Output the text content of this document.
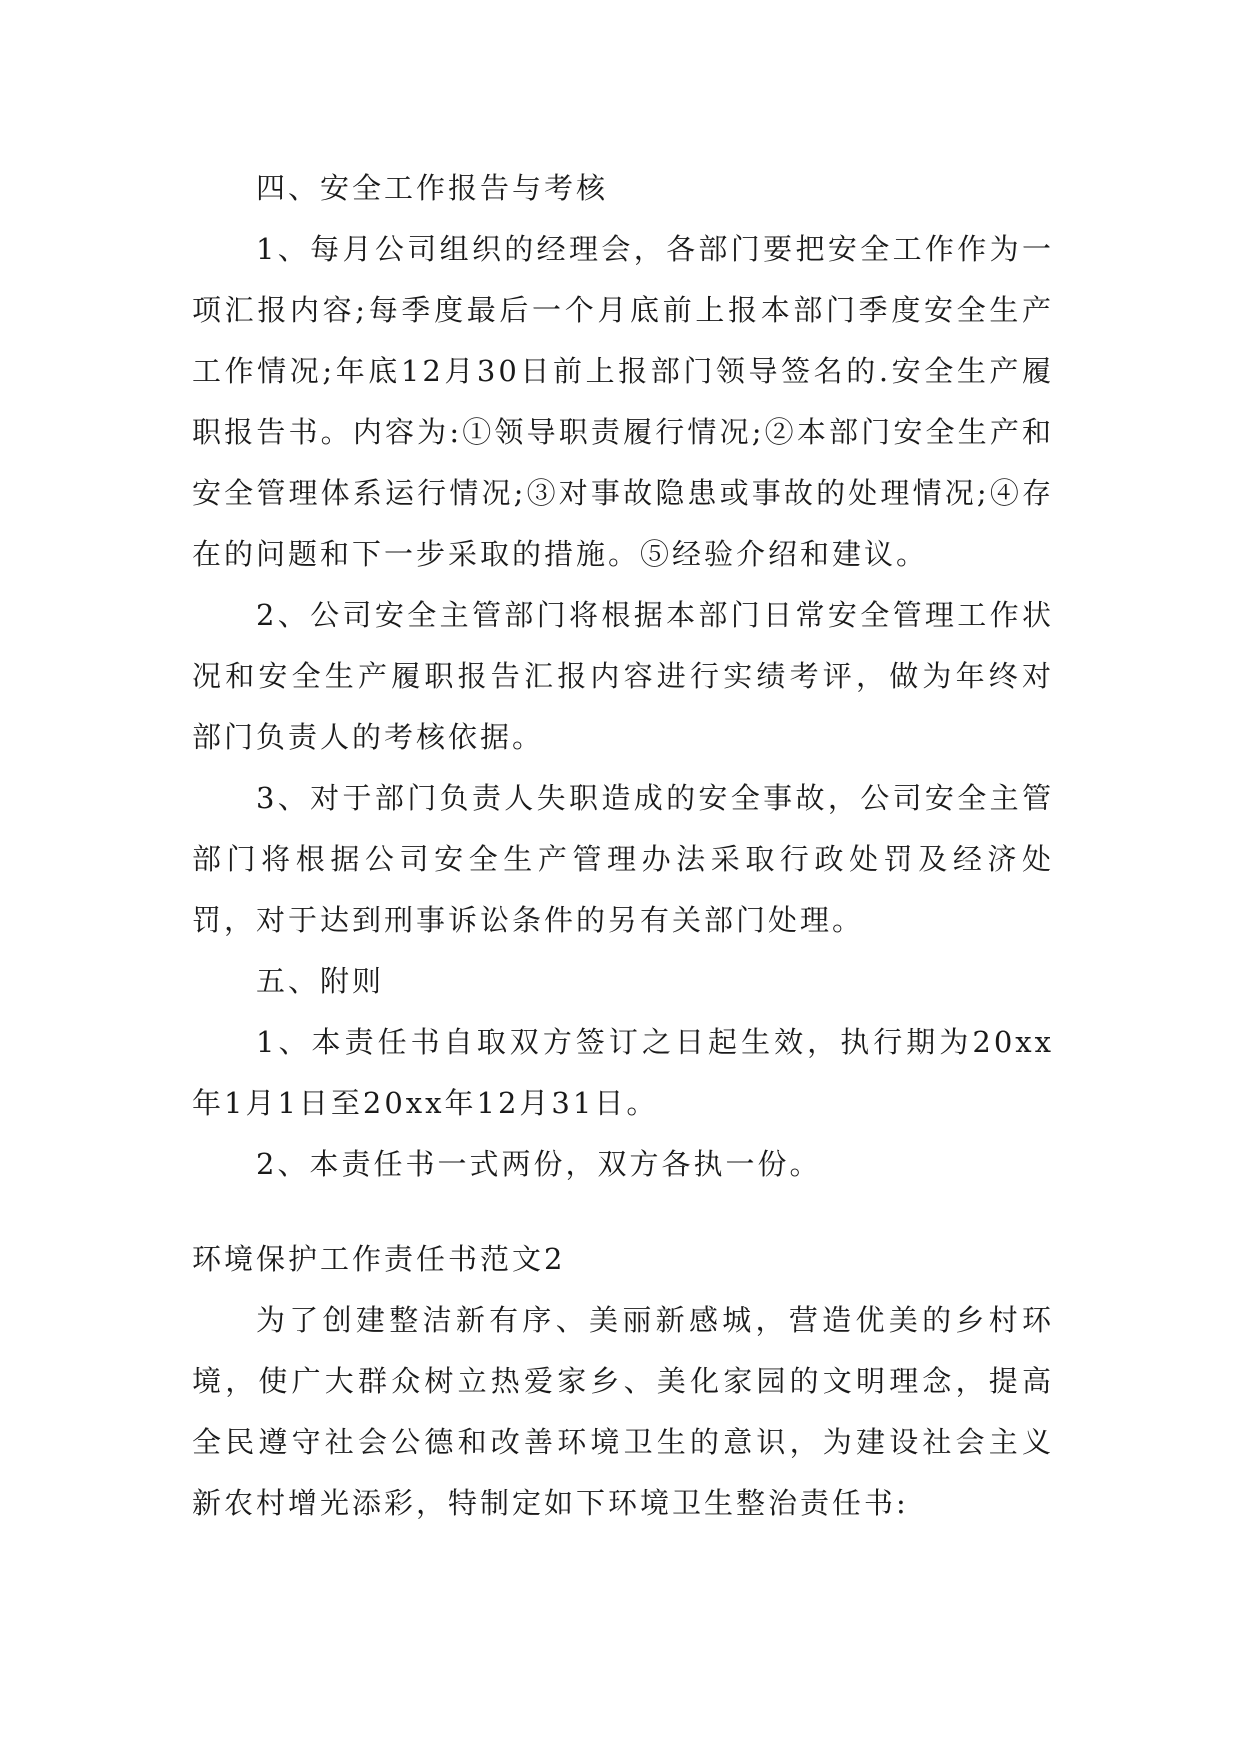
四、安全工作报告与考核

1、每月公司组织的经理会，各部门要把安全工作作为一项汇报内容;每季度最后一个月底前上报本部门季度安全生产工作情况;年底12月30日前上报部门领导签名的.安全生产履职报告书。内容为:①领导职责履行情况;②本部门安全生产和安全管理体系运行情况;③对事故隐患或事故的处理情况;④存在的问题和下一步采取的措施。⑤经验介绍和建议。

2、公司安全主管部门将根据本部门日常安全管理工作状况和安全生产履职报告汇报内容进行实绩考评，做为年终对部门负责人的考核依据。

3、对于部门负责人失职造成的安全事故，公司安全主管部门将根据公司安全生产管理办法采取行政处罚及经济处罚，对于达到刑事诉讼条件的另有关部门处理。

五、附则

1、本责任书自取双方签订之日起生效，执行期为20xx年1月1日至20xx年12月31日。

2、本责任书一式两份，双方各执一份。

环境保护工作责任书范文2

为了创建整洁新有序、美丽新感城，营造优美的乡村环境，使广大群众树立热爱家乡、美化家园的文明理念，提高全民遵守社会公德和改善环境卫生的意识，为建设社会主义新农村增光添彩，特制定如下环境卫生整治责任书:
